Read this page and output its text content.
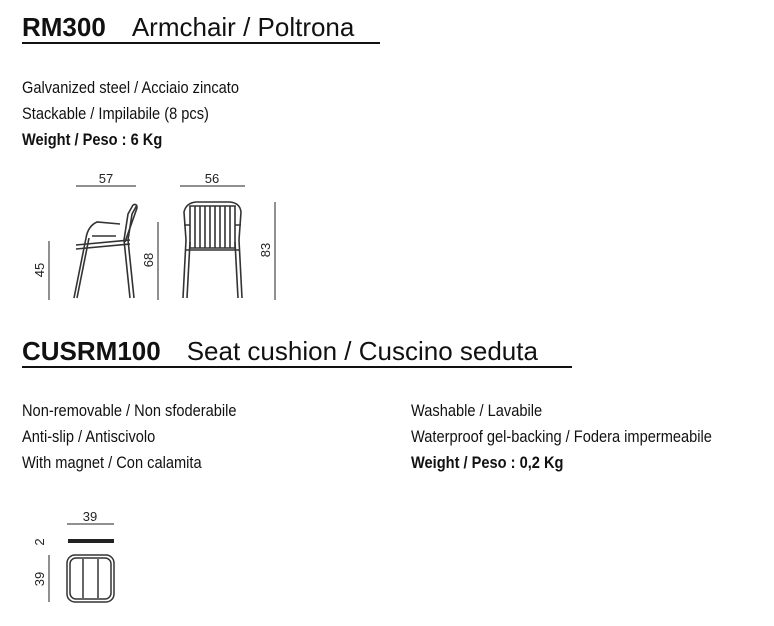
RM300 Armchair / Poltrona
Galvanized steel / Acciaio zincato
Stackable / Impilabile (8 pcs)
Weight / Peso : 6 Kg
57
45
68
56
83
39
2
39
CUSRM100 Seat cushion / Cuscino seduta
Non-removable / Non sfoderabile
Anti-slip / Antiscivolo
With magnet / Con calamita
Washable / Lavabile
Waterproof gel-backing / Fodera impermeabile
Weight / Peso : 0,2 Kg
